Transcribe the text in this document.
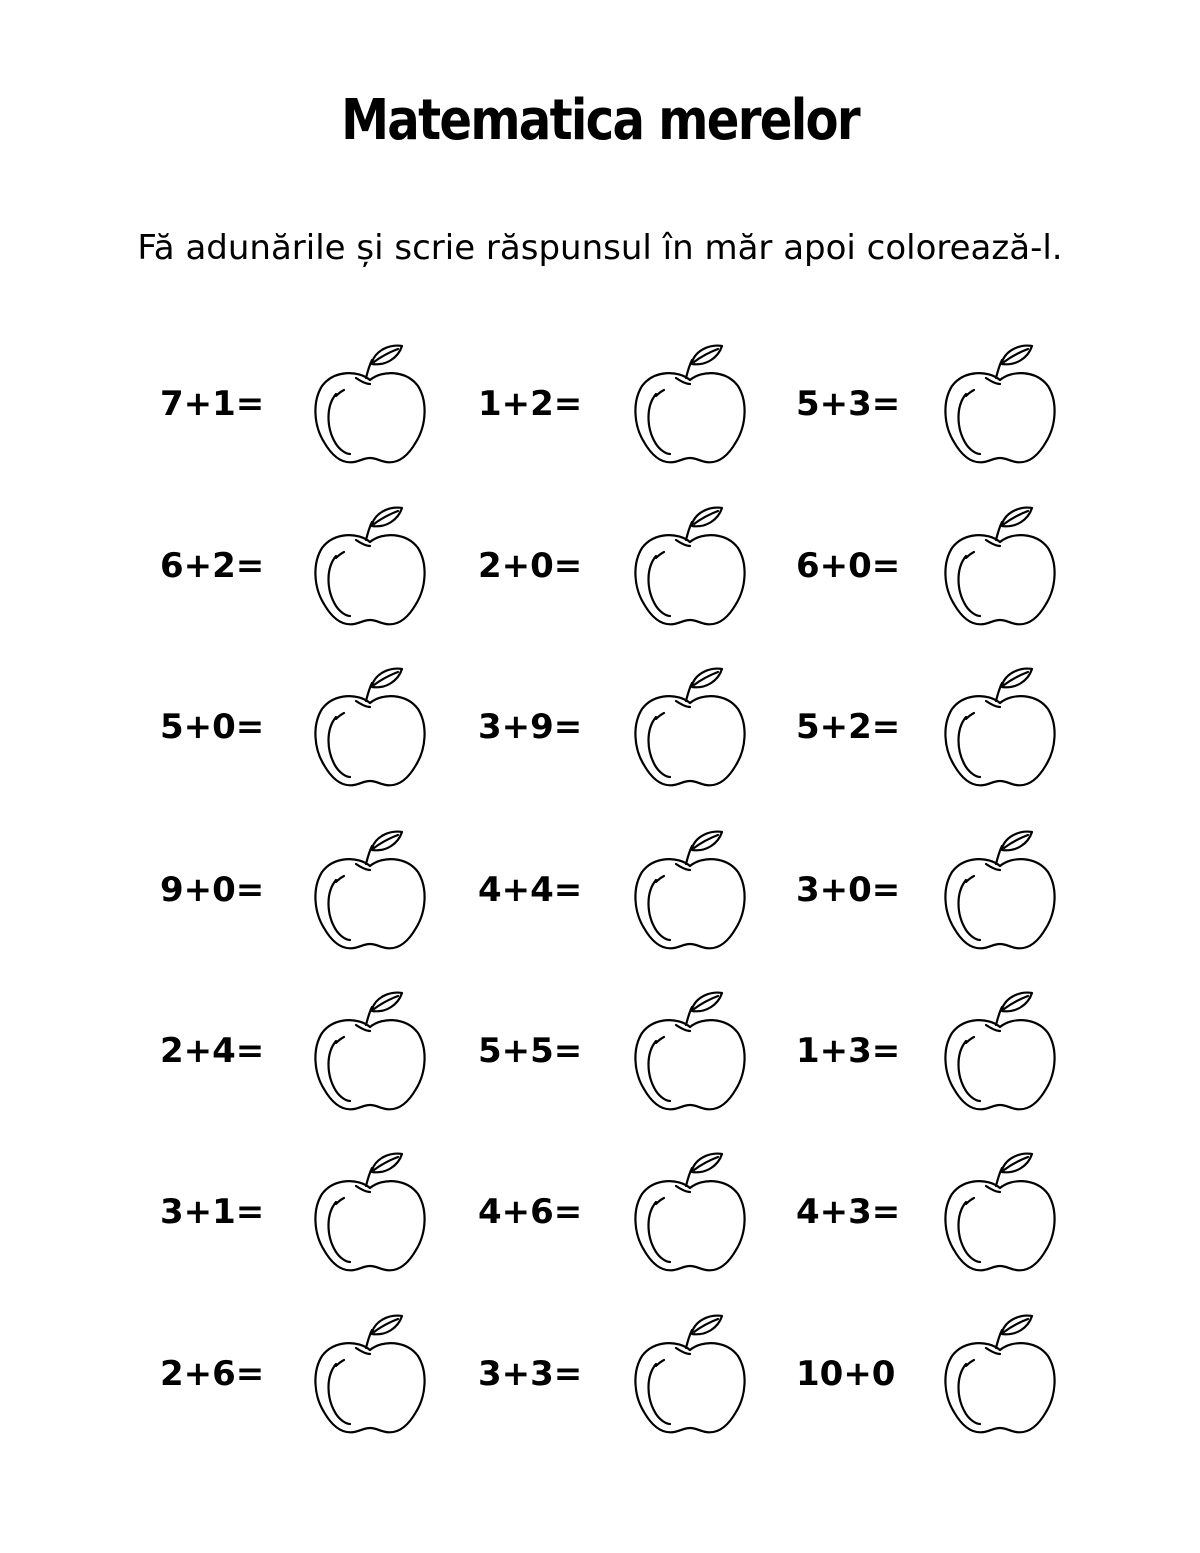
Matematica merelor
Fă adunările și scrie răspunsul în măr apoi colorează-l.
7+1=	1+2=	5+3=
6+2=	2+0=	6+0=
5+0=	3+9=	5+2=
9+0=	4+4=	3+0=
2+4=	5+5=	1+3=
3+1=	4+6=	4+3=
2+6=	3+3=	10+0
